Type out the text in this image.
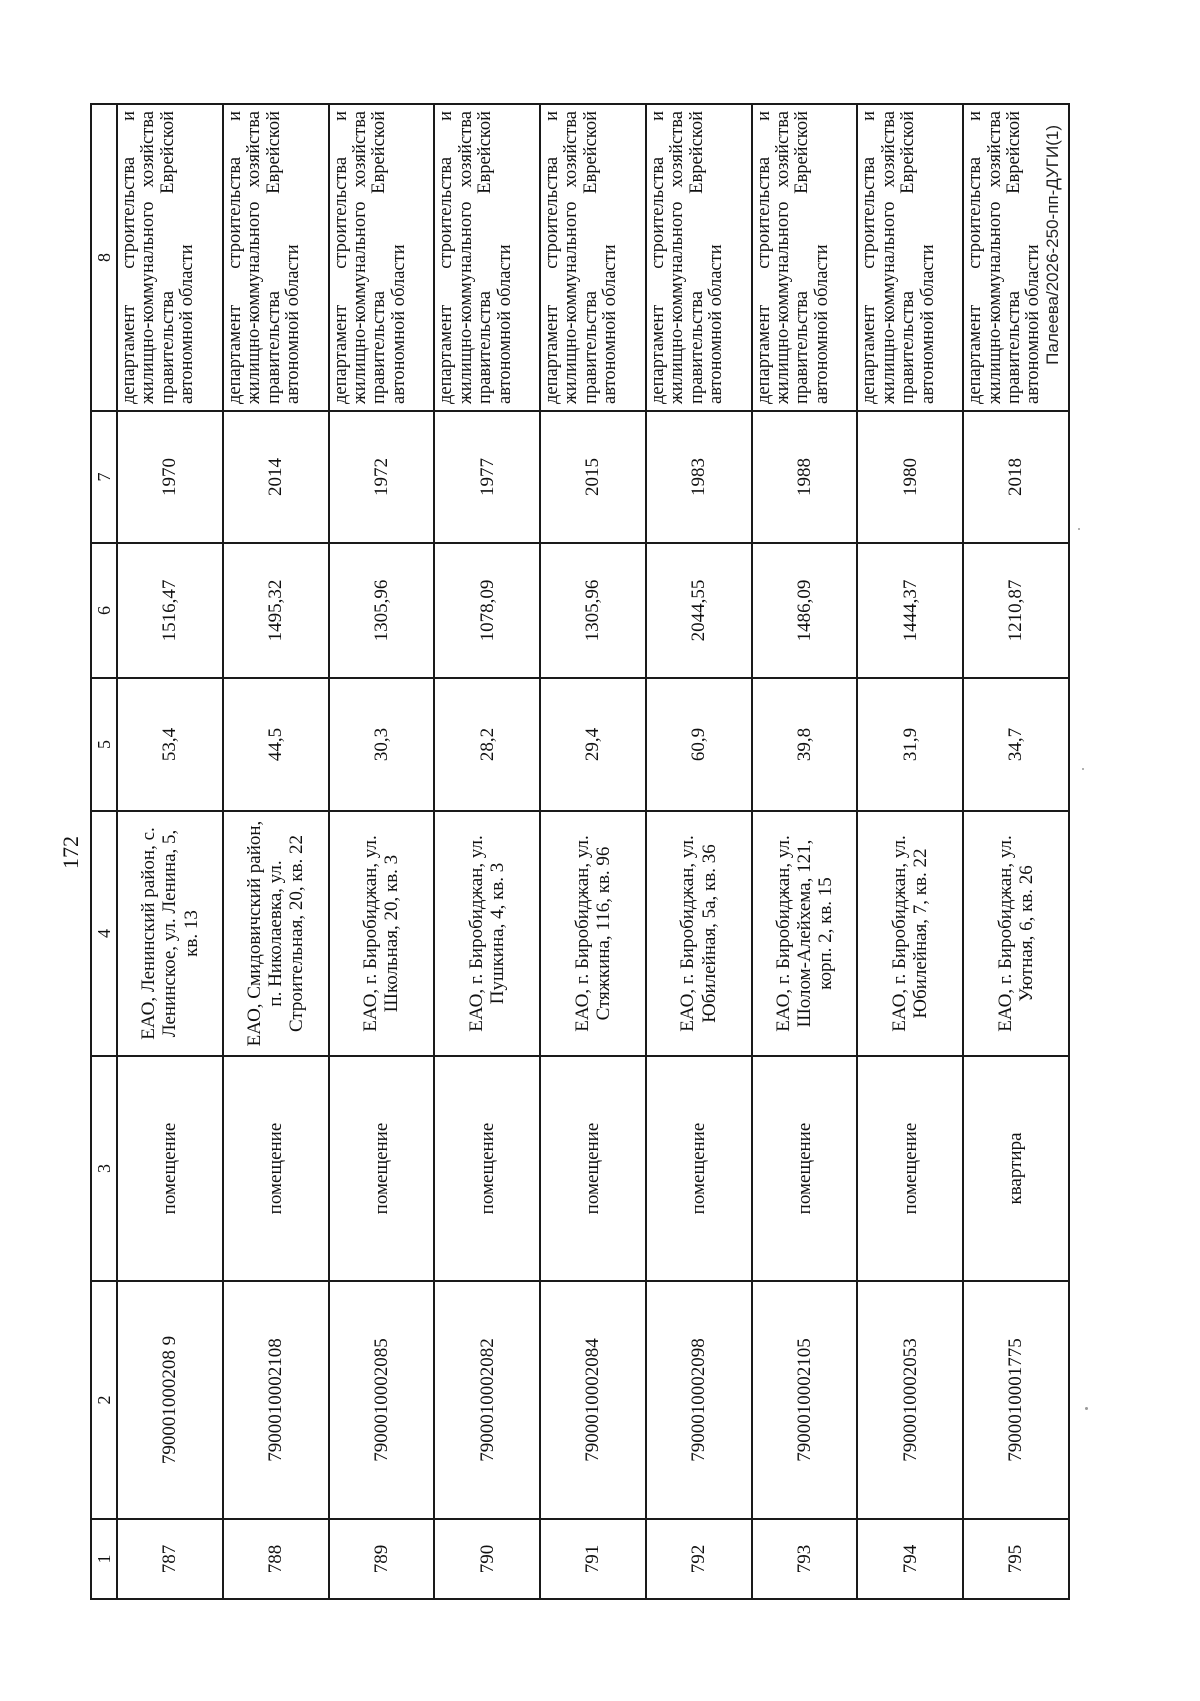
172
1	2	3	4	5	6	7	8
787	790001000208 9	помещение	ЕАО, Ленинский район, с. Ленинское, ул. Ленина, 5, кв. 13	53,4	1516,47	1970	департамент строительства и жилищно-коммунального хозяйства правительства Еврейской автономной области
788	7900010002108	помещение	ЕАО, Смидовичский район, п. Николаевка, ул. Строительная, 20, кв. 22	44,5	1495,32	2014	департамент строительства и жилищно-коммунального хозяйства правительства Еврейской автономной области
789	7900010002085	помещение	ЕАО, г. Биробиджан, ул. Школьная, 20, кв. 3	30,3	1305,96	1972	департамент строительства и жилищно-коммунального хозяйства правительства Еврейской автономной области
790	7900010002082	помещение	ЕАО, г. Биробиджан, ул. Пушкина, 4, кв. 3	28,2	1078,09	1977	департамент строительства и жилищно-коммунального хозяйства правительства Еврейской автономной области
791	7900010002084	помещение	ЕАО, г. Биробиджан, ул. Стяжкина, 116, кв. 96	29,4	1305,96	2015	департамент строительства и жилищно-коммунального хозяйства правительства Еврейской автономной области
792	7900010002098	помещение	ЕАО, г. Биробиджан, ул. Юбилейная, 5а, кв. 36	60,9	2044,55	1983	департамент строительства и жилищно-коммунального хозяйства правительства Еврейской автономной области
793	7900010002105	помещение	ЕАО, г. Биробиджан, ул. Шолом-Алейхема, 121, корп. 2, кв. 15	39,8	1486,09	1988	департамент строительства и жилищно-коммунального хозяйства правительства Еврейской автономной области
794	7900010002053	помещение	ЕАО, г. Биробиджан, ул. Юбилейная, 7, кв. 22	31,9	1444,37	1980	департамент строительства и жилищно-коммунального хозяйства правительства Еврейской автономной области
795	7900010001775	квартира	ЕАО, г. Биробиджан, ул. Уютная, 6, кв. 26	34,7	1210,87	2018	департамент строительства и жилищно-коммунального хозяйства правительства Еврейской автономной области Палеева/2026-250-пп-ДУГИ(1)
